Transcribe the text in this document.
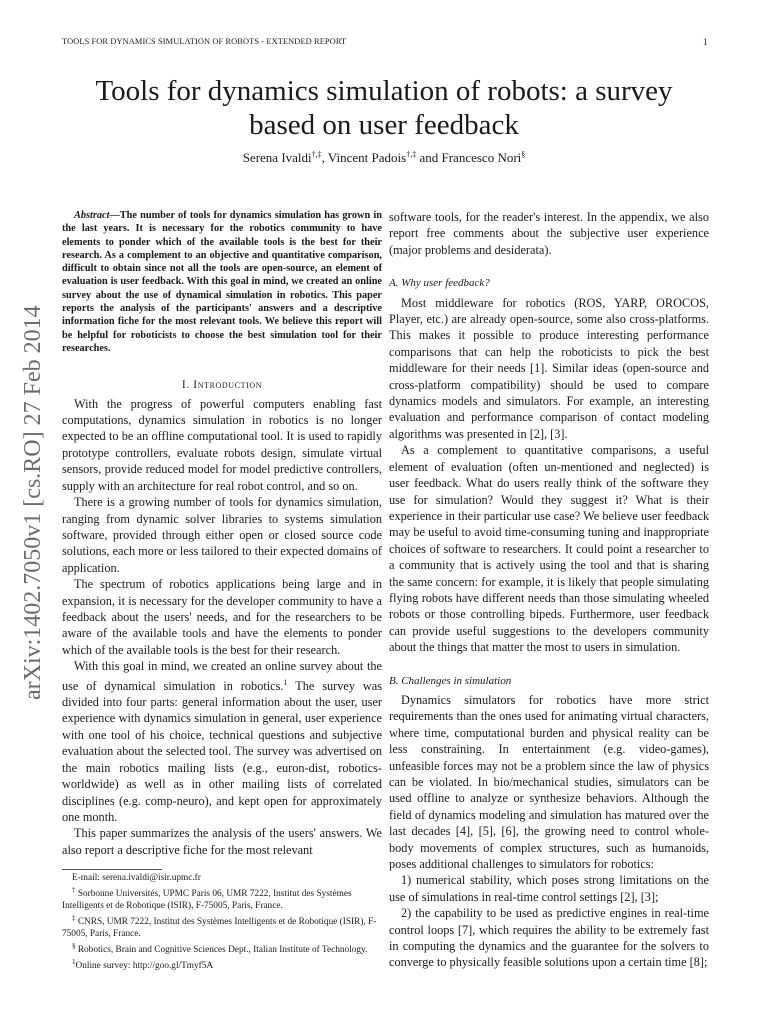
TOOLS FOR DYNAMICS SIMULATION OF ROBOTS - EXTENDED REPORT	1
Tools for dynamics simulation of robots: a survey
based on user feedback
Serena Ivaldi†,‡, Vincent Padois†,‡ and Francesco Nori§
arXiv:1402.7050v1 [cs.RO] 27 Feb 2014

Abstract—The number of tools for dynamics simulation has grown in the last years. It is necessary for the robotics community to have elements to ponder which of the available tools is the best for their research. As a complement to an objective and quantitative comparison, difficult to obtain since not all the tools are open-source, an element of evaluation is user feedback. With this goal in mind, we created an online survey about the use of dynamical simulation in robotics. This paper reports the analysis of the participants' answers and a descriptive information fiche for the most relevant tools. We believe this report will be helpful for roboticists to choose the best simulation tool for their researches.

I. Introduction

With the progress of powerful computers enabling fast computations, dynamics simulation in robotics is no longer expected to be an offline computational tool. It is used to rapidly prototype controllers, evaluate robots design, simulate virtual sensors, provide reduced model for model predictive controllers, supply with an architecture for real robot control, and so on.

There is a growing number of tools for dynamics simulation, ranging from dynamic solver libraries to systems simulation software, provided through either open or closed source code solutions, each more or less tailored to their expected domains of application.

The spectrum of robotics applications being large and in expansion, it is necessary for the developer community to have a feedback about the users' needs, and for the researchers to be aware of the available tools and have the elements to ponder which of the available tools is the best for their research.

With this goal in mind, we created an online survey about the use of dynamical simulation in robotics.$^1$ The survey was divided into four parts: general information about the user, user experience with dynamics simulation in general, user experience with one tool of his choice, technical questions and subjective evaluation about the selected tool. The survey was advertised on the main robotics mailing lists (e.g., euron-dist, robotics-worldwide) as well as in other mailing lists of correlated disciplines (e.g. comp-neuro), and kept open for approximately one month.

This paper summarizes the analysis of the users' answers. We also report a descriptive fiche for the most relevant

E-mail: serena.ivaldi@isir.upmc.fr

† Sorbonne Universités, UPMC Paris 06, UMR 7222, Institut des Systèmes Intelligents et de Robotique (ISIR), F-75005, Paris, France.

‡ CNRS, UMR 7222, Institut des Systèmes Intelligents et de Robotique (ISIR), F-75005, Paris, France.

§ Robotics, Brain and Cognitive Sciences Dept., Italian Institute of Technology.

$^1$Online survey: http://goo.gl/Tmyf5A

software tools, for the reader's interest. In the appendix, we also report free comments about the subjective user experience (major problems and desiderata).

A. Why user feedback?

Most middleware for robotics (ROS, YARP, OROCOS, Player, etc.) are already open-source, some also cross-platforms. This makes it possible to produce interesting performance comparisons that can help the roboticists to pick the best middleware for their needs [1]. Similar ideas (open-source and cross-platform compatibility) should be used to compare dynamics models and simulators. For example, an interesting evaluation and performance comparison of contact modeling algorithms was presented in [2], [3].

As a complement to quantitative comparisons, a useful element of evaluation (often un-mentioned and neglected) is user feedback. What do users really think of the software they use for simulation? Would they suggest it? What is their experience in their particular use case? We believe user feedback may be useful to avoid time-consuming tuning and inappropriate choices of software to researchers. It could point a researcher to a community that is actively using the tool and that is sharing the same concern: for example, it is likely that people simulating flying robots have different needs than those simulating wheeled robots or those controlling bipeds. Furthermore, user feedback can provide useful suggestions to the developers community about the things that matter the most to users in simulation.

B. Challenges in simulation

Dynamics simulators for robotics have more strict requirements than the ones used for animating virtual characters, where time, computational burden and physical reality can be less constraining. In entertainment (e.g. video-games), unfeasible forces may not be a problem since the law of physics can be violated. In bio/mechanical studies, simulators can be used offline to analyze or synthesize behaviors. Although the field of dynamics modeling and simulation has matured over the last decades [4], [5], [6], the growing need to control whole-body movements of complex structures, such as humanoids, poses additional challenges to simulators for robotics:

1) numerical stability, which poses strong limitations on the use of simulations in real-time control settings [2], [3];

2) the capability to be used as predictive engines in real-time control loops [7], which requires the ability to be extremely fast in computing the dynamics and the guarantee for the solvers to converge to physically feasible solutions upon a certain time [8];
